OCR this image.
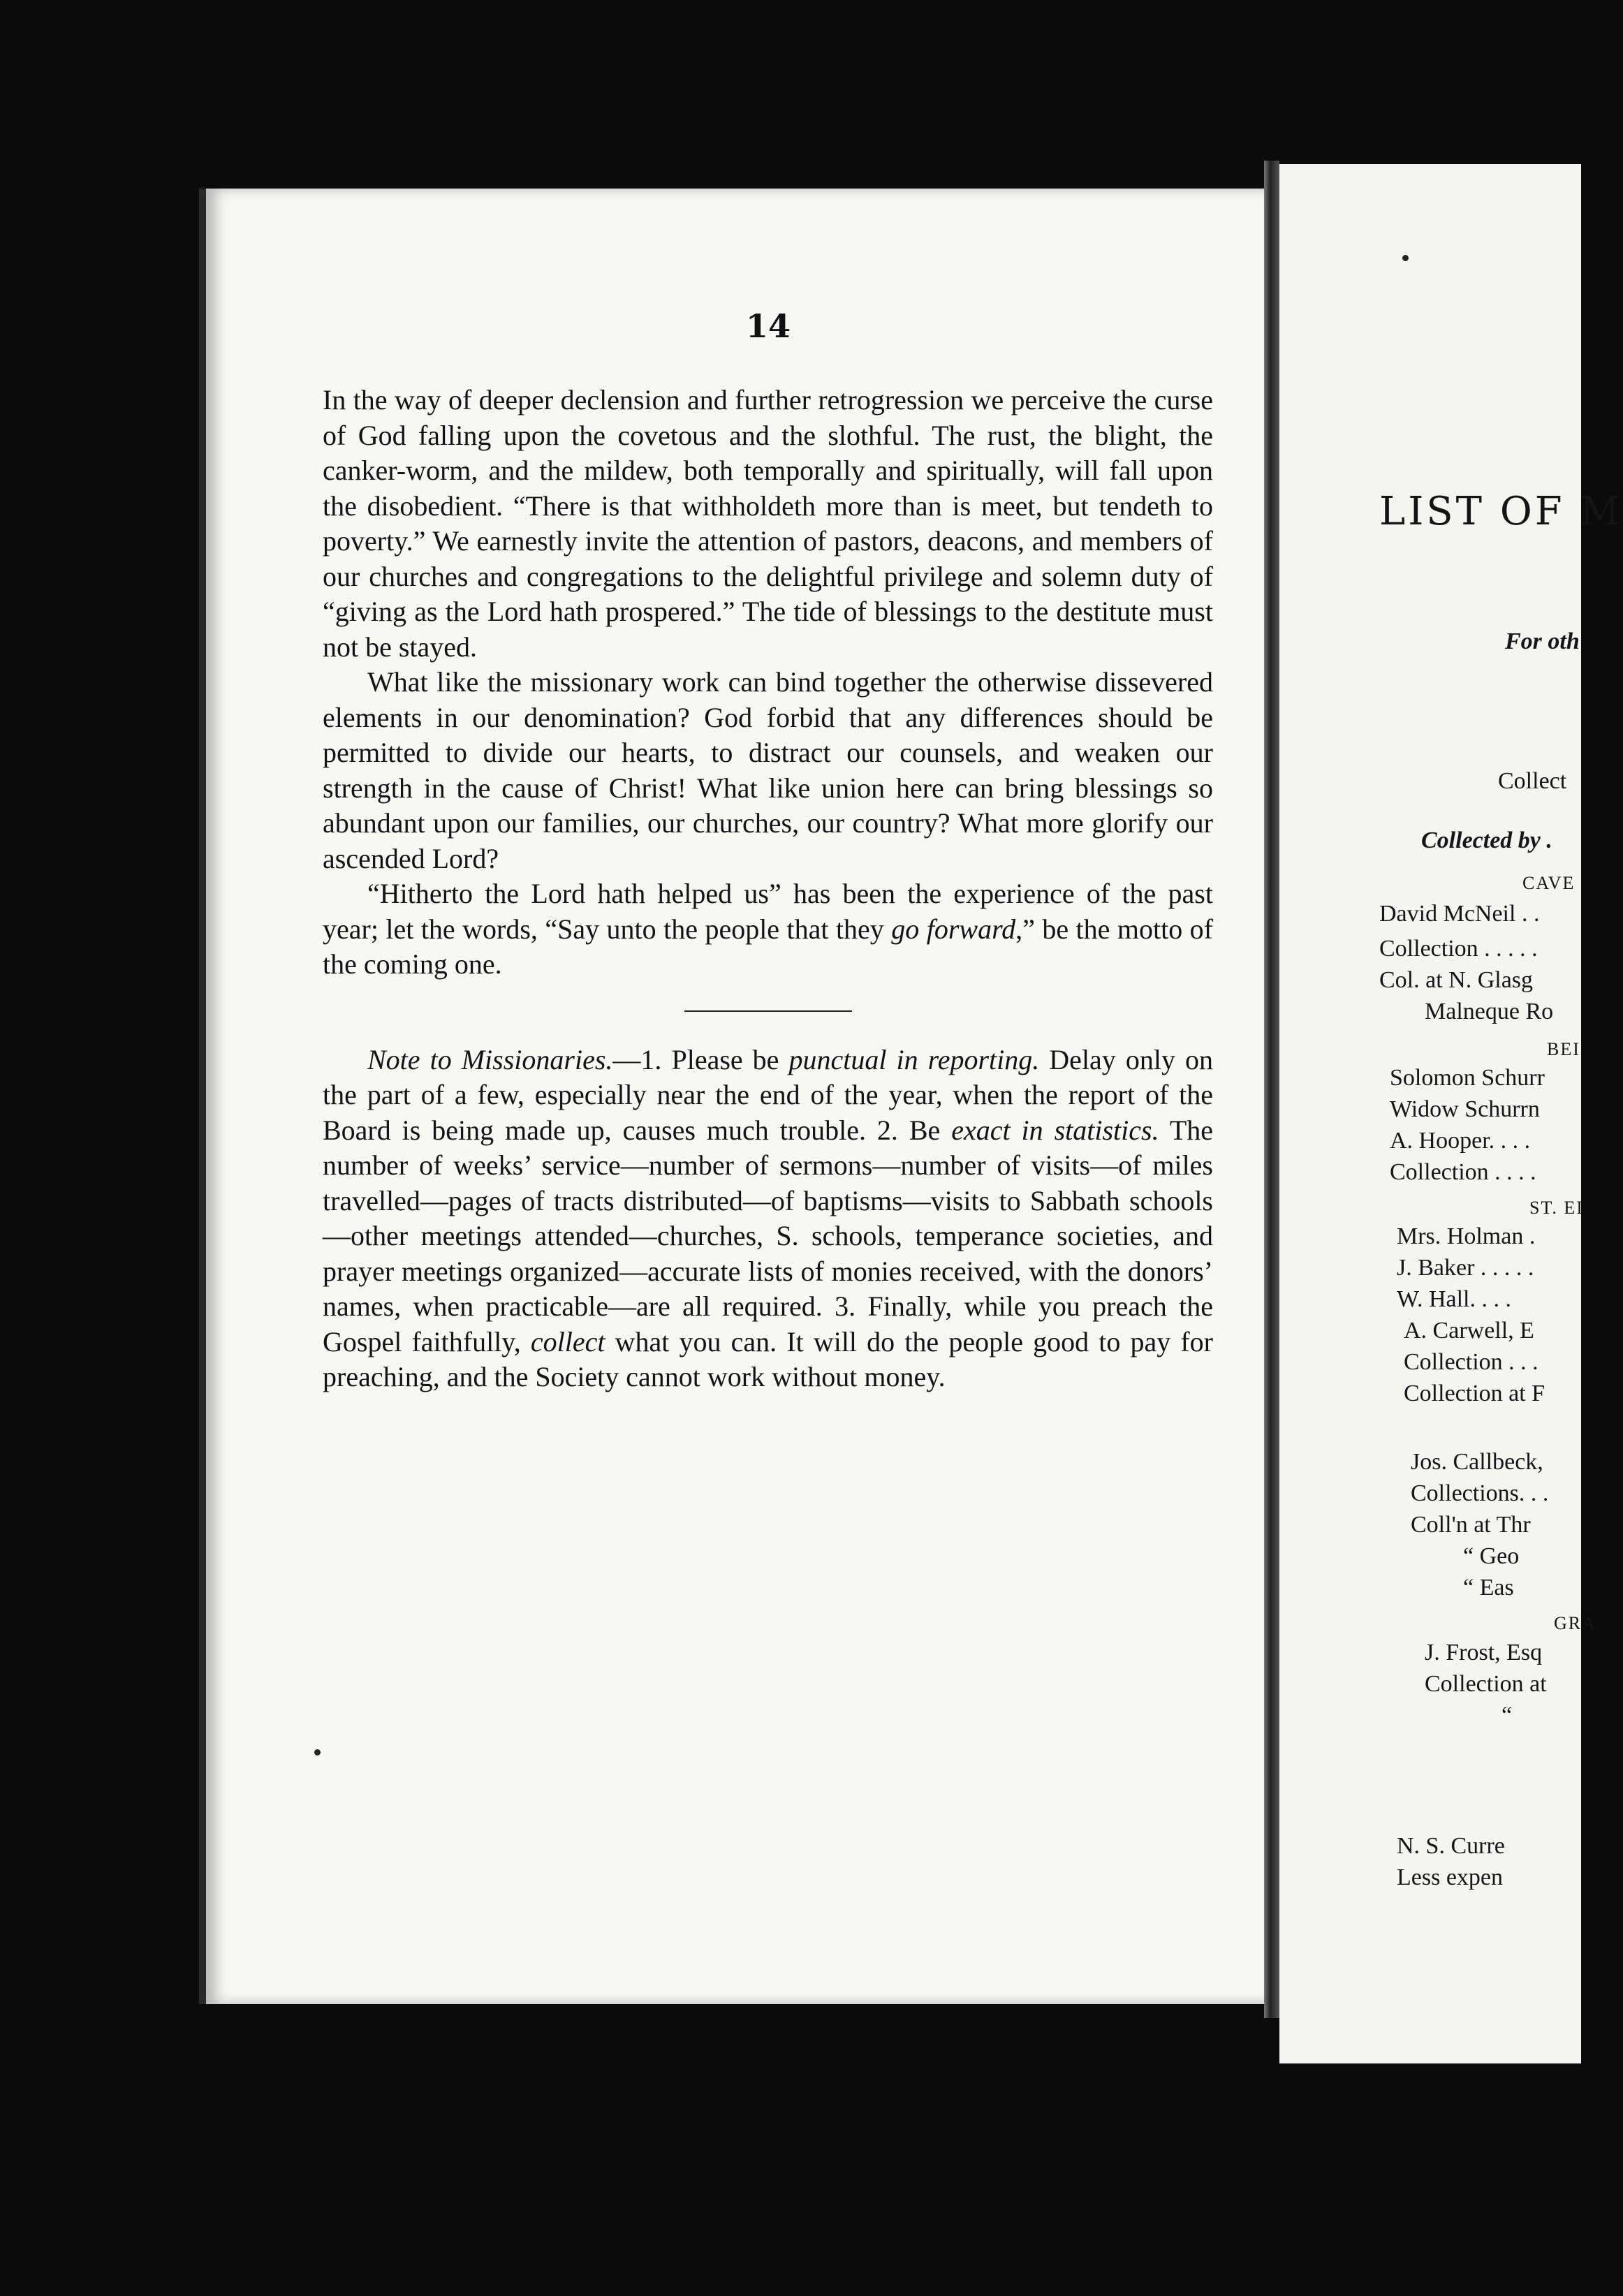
14

In the way of deeper declension and further retrogression we perceive the curse of God falling upon the covetous and the slothful. The rust, the blight, the canker-worm, and the mildew, both temporally and spiritually, will fall upon the disobedient. “There is that withholdeth more than is meet, but tendeth to poverty.” We earnestly invite the attention of pastors, deacons, and members of our churches and congregations to the delightful privilege and solemn duty of “giving as the Lord hath prospered.” The tide of blessings to the destitute must not be stayed.

What like the missionary work can bind together the otherwise dissevered elements in our denomination? God forbid that any differences should be permitted to divide our hearts, to distract our counsels, and weaken our strength in the cause of Christ! What like union here can bring blessings so abundant upon our families, our churches, our country? What more glorify our ascended Lord?

“Hitherto the Lord hath helped us” has been the experience of the past year; let the words, “Say unto the people that they go forward,” be the motto of the coming one.

Note to Missionaries.—1. Please be punctual in reporting. Delay only on the part of a few, especially near the end of the year, when the report of the Board is being made up, causes much trouble. 2. Be exact in statistics. The number of weeks’ service—number of sermons—number of visits—of miles travelled—pages of tracts distributed—of baptisms—visits to Sabbath schools—other meetings attended—churches, S. schools, temperance societies, and prayer meetings organized—accurate lists of monies received, with the donors’ names, when practicable—are all required. 3. Finally, while you preach the Gospel faithfully, collect what you can. It will do the people good to pay for preaching, and the Society cannot work without money.

LIST OF M
For oth
Collect
Collected by .
CAVE
David McNeil . .
Collection . . . . .
Col. at N. Glasg
Malneque Ro
BEI
Solomon Schurr
Widow Schurrn
A. Hooper. . . .
Collection . . . .
ST. EI
Mrs. Holman .
J. Baker . . . . .
W. Hall. . . .
A. Carwell, E
Collection . . .
Collection at F
Jos. Callbeck,
Collections. . .
Coll'n at Thr
“ Geo
“ Eas
GRA
J. Frost, Esq
Collection at
“
N. S. Curre
Less expen
